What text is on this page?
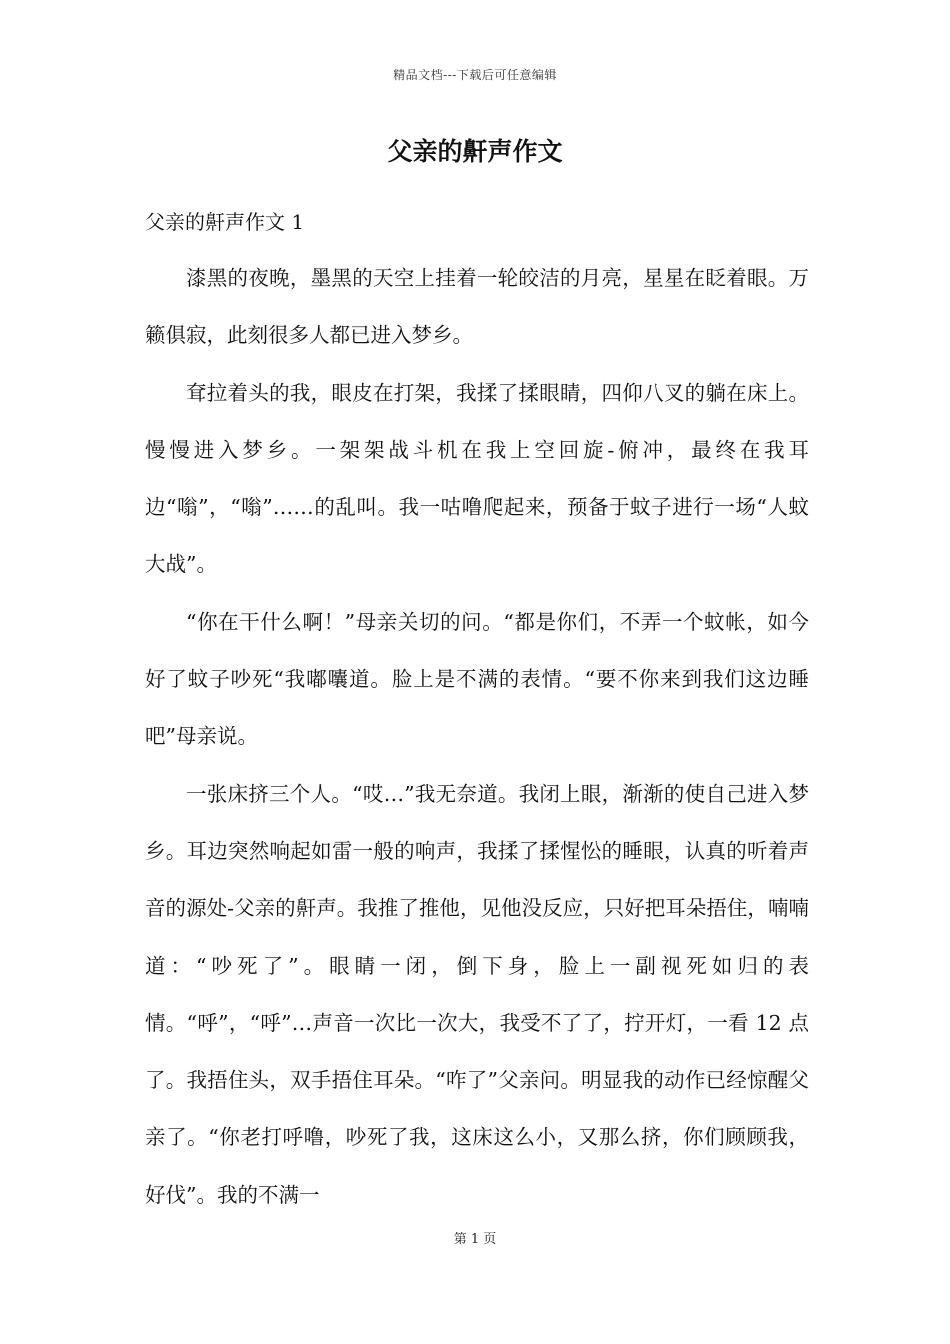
精品文档---下载后可任意编辑
父亲的鼾声作文
父亲的鼾声作文 1

漆黑的夜晚，墨黑的天空上挂着一轮皎洁的月亮，星星在眨着眼。万籁俱寂，此刻很多人都已进入梦乡。

耷拉着头的我，眼皮在打架，我揉了揉眼睛，四仰八叉的躺在床上。慢慢进入梦乡。一架架战斗机在我上空回旋-俯冲，最终在我耳边“嗡”，“嗡”……的乱叫。我一咕噜爬起来，预备于蚊子进行一场“人蚊大战”。

“你在干什么啊！”母亲关切的问。“都是你们，不弄一个蚊帐，如今好了蚊子吵死“我嘟囔道。脸上是不满的表情。“要不你来到我们这边睡吧”母亲说。

一张床挤三个人。“哎…”我无奈道。我闭上眼，渐渐的使自己进入梦乡。耳边突然响起如雷一般的响声，我揉了揉惺忪的睡眼，认真的听着声音的源处-父亲的鼾声。我推了推他，见他没反应，只好把耳朵捂住，喃喃道：“吵死了”。眼睛一闭，倒下身，脸上一副视死如归的表情。“呼”，“呼”…声音一次比一次大，我受不了了，拧开灯，一看 12 点了。我捂住头，双手捂住耳朵。“咋了”父亲问。明显我的动作已经惊醒父亲了。“你老打呼噜，吵死了我，这床这么小，又那么挤，你们顾顾我，好伐”。我的不满一

第 1 页
